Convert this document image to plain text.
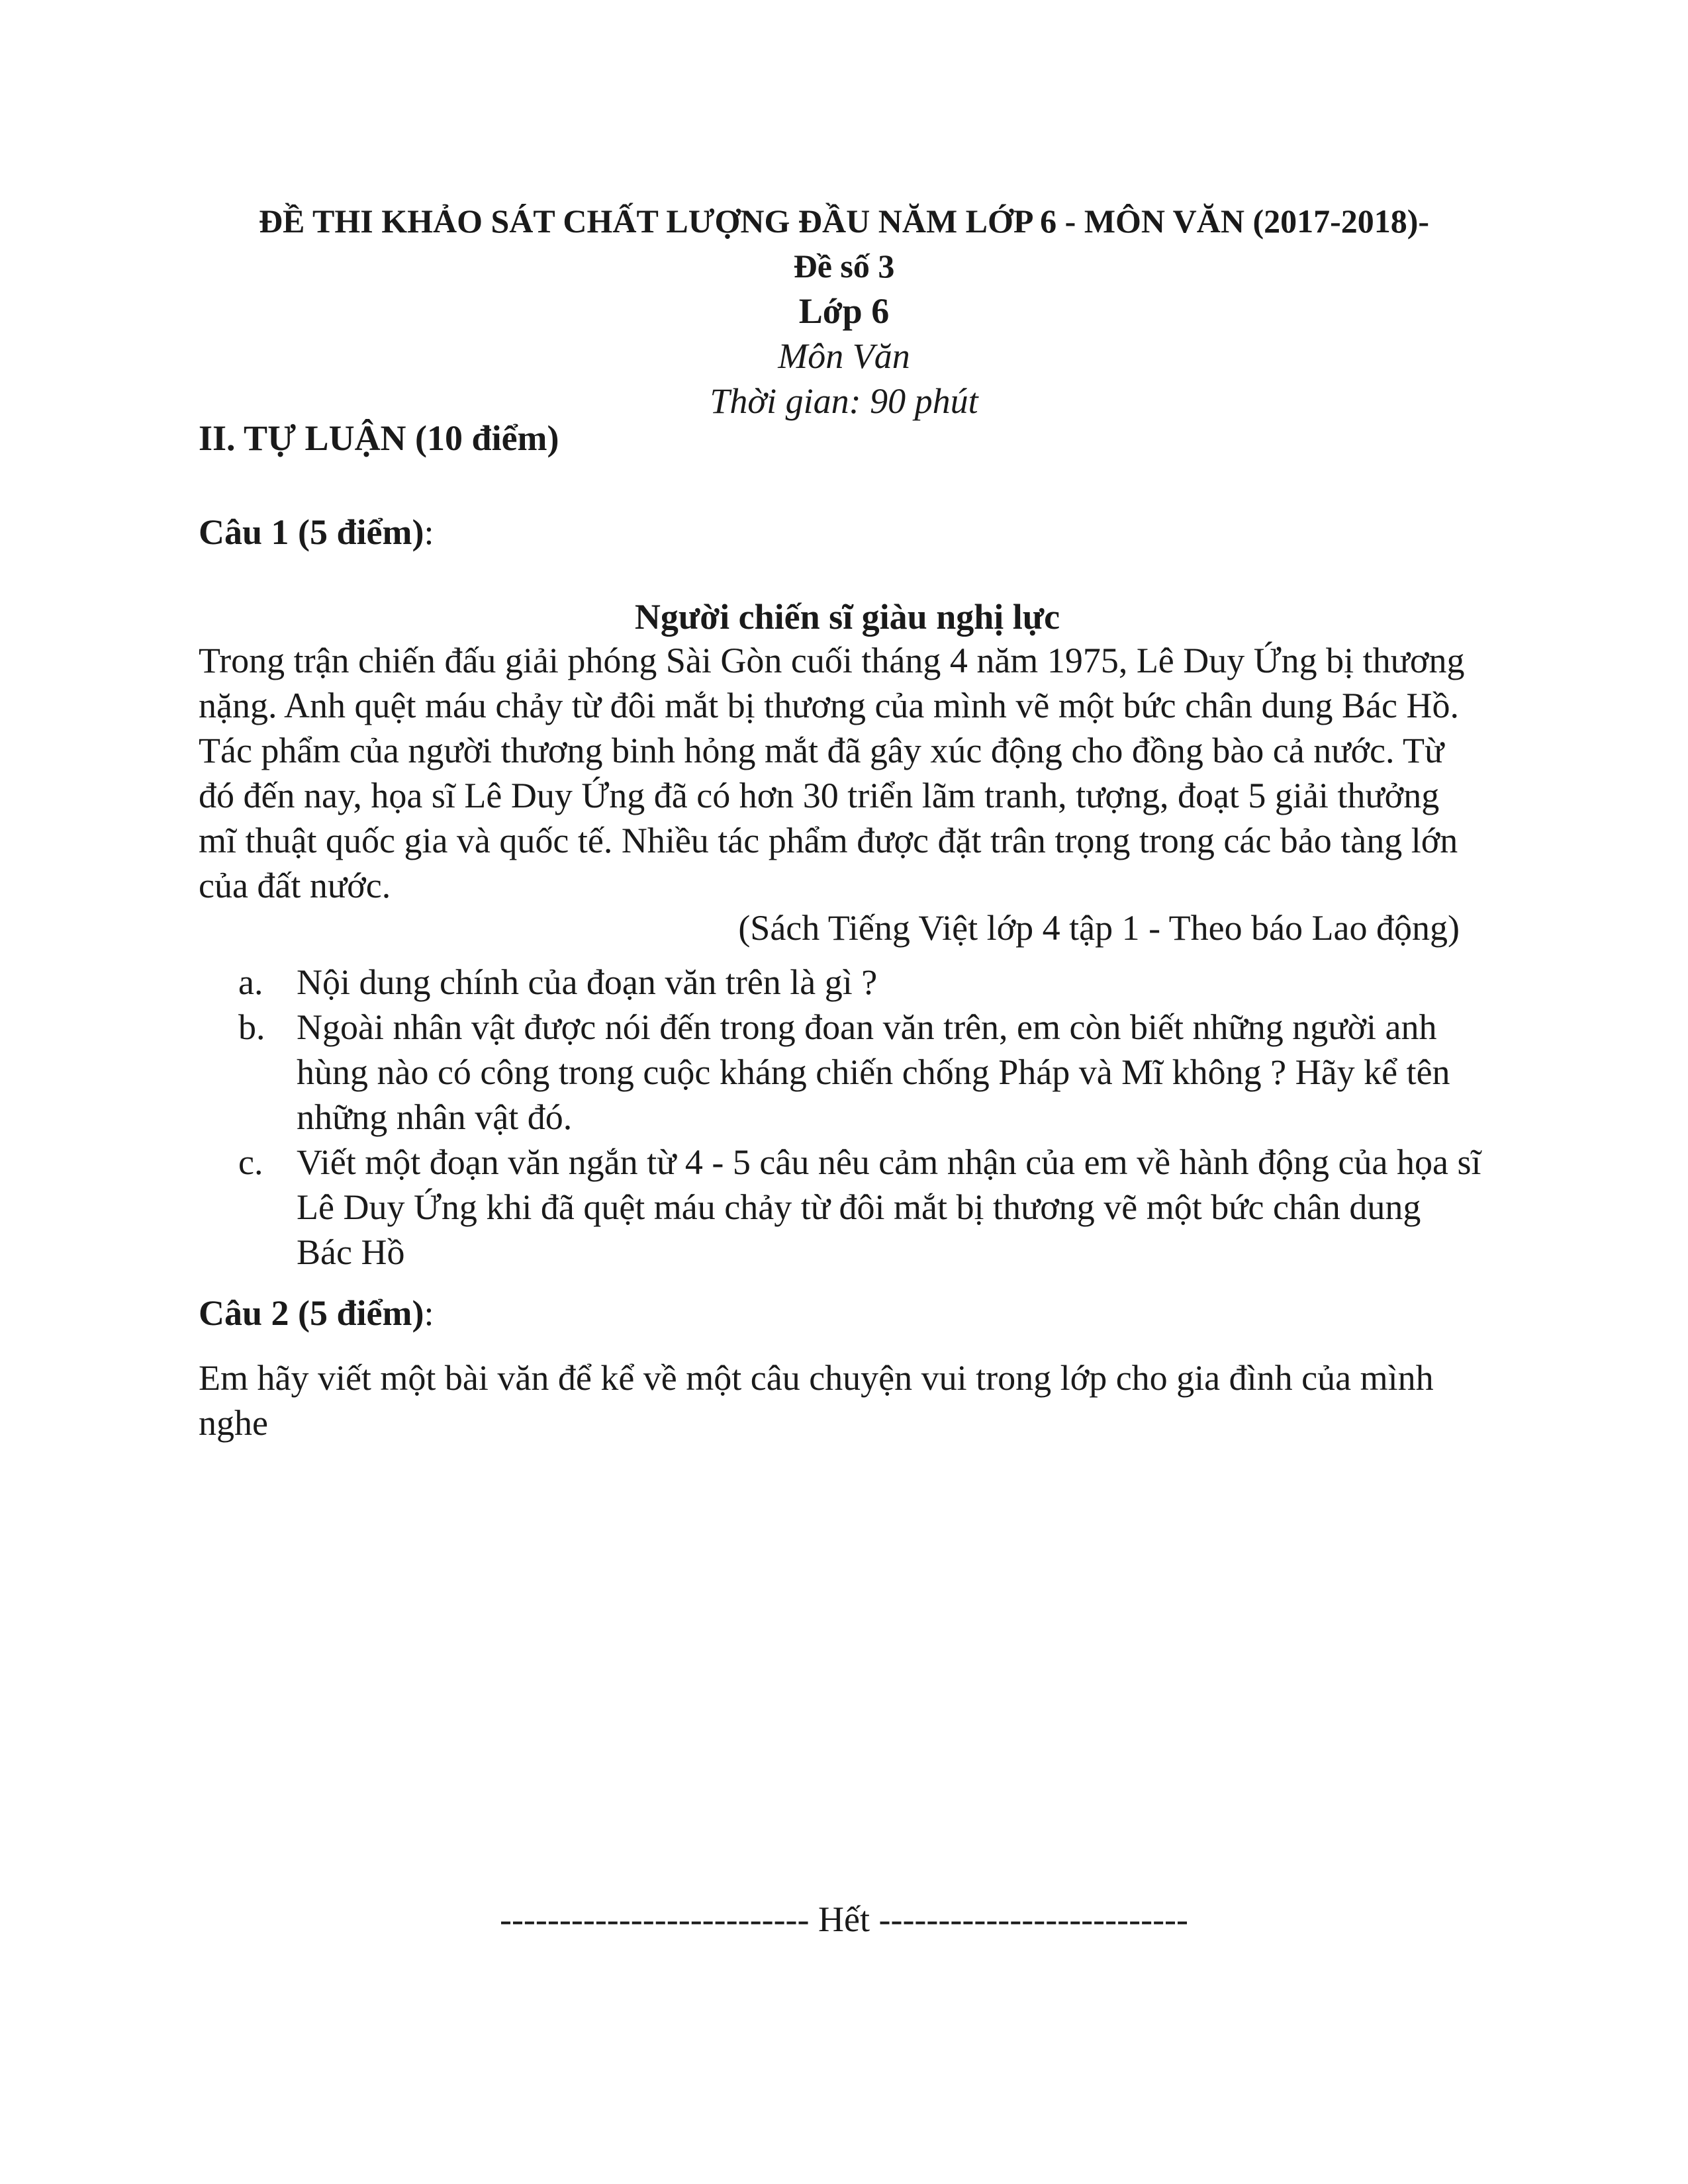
ĐỀ THI KHẢO SÁT CHẤT LƯỢNG ĐẦU NĂM LỚP 6 - MÔN VĂN (2017-2018)-
Đề số 3
Lớp 6
Môn Văn
Thời gian: 90 phút
II. TỰ LUẬN (10 điểm)
Câu 1 (5 điểm):
Người chiến sĩ giàu nghị lực
Trong trận chiến đấu giải phóng Sài Gòn cuối tháng 4 năm 1975, Lê Duy Ứng bị thương nặng. Anh quệt máu chảy từ đôi mắt bị thương của mình vẽ một bức chân dung Bác Hồ. Tác phẩm của người thương binh hỏng mắt đã gây xúc động cho đồng bào cả nước. Từ đó đến nay, họa sĩ Lê Duy Ứng đã có hơn 30 triển lãm tranh, tượng, đoạt 5 giải thưởng mĩ thuật quốc gia và quốc tế. Nhiều tác phẩm được đặt trân trọng trong các bảo tàng lớn của đất nước.
(Sách Tiếng Việt lớp 4 tập 1 - Theo báo Lao động)
a. Nội dung chính của đoạn văn trên là gì ?
b. Ngoài nhân vật được nói đến trong đoan văn trên, em còn biết những người anh hùng nào có công trong cuộc kháng chiến chống Pháp và Mĩ không ? Hãy kể tên những nhân vật đó.
c. Viết một đoạn văn ngắn từ 4 - 5 câu nêu cảm nhận của em về hành động của họa sĩ Lê Duy Ứng khi đã quệt máu chảy từ đôi mắt bị thương vẽ một bức chân dung Bác Hồ
Câu 2 (5 điểm):
Em hãy viết một bài văn để kể về một câu chuyện vui trong lớp cho gia đình của mình nghe
-------------------------- Hết --------------------------
